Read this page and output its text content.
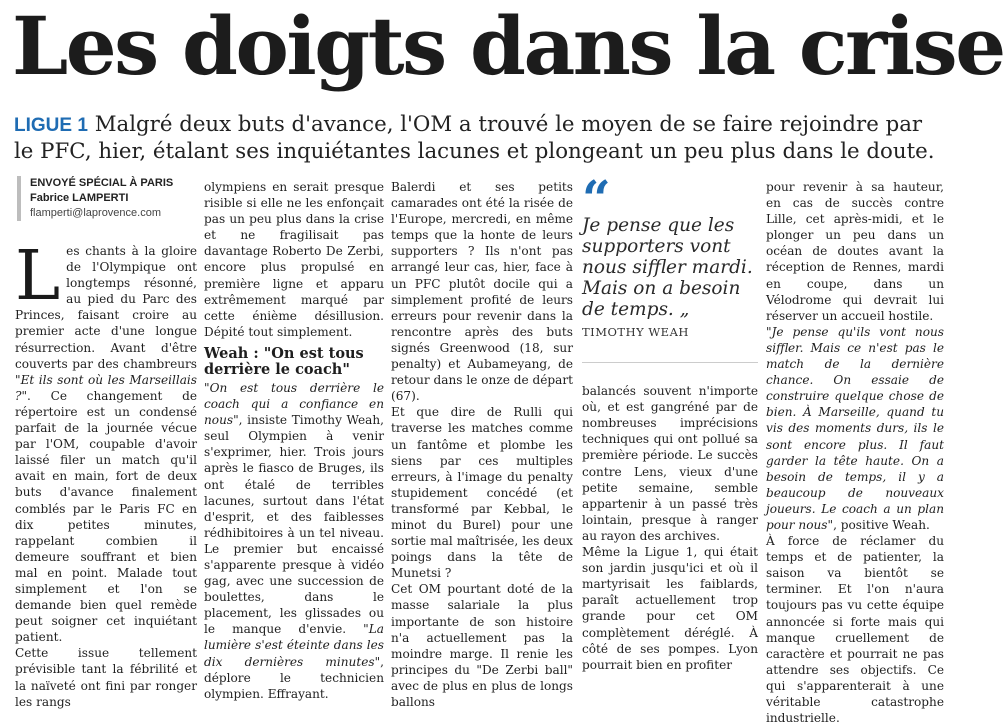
Les doigts dans la crise
LIGUE 1 Malgré deux buts d'avance, l'OM a trouvé le moyen de se faire rejoindre par le PFC, hier, étalant ses inquiétantes lacunes et plongeant un peu plus dans le doute.
ENVOYÉ SPÉCIAL À PARIS
Fabrice LAMPERTI
flamperti@laprovence.com

Les chants à la gloire de l'Olympique ont longtemps résonné, au pied du Parc des Princes, faisant croire au premier acte d'une longue résurrection. Avant d'être couverts par des chambreurs "Et ils sont où les Marseillais ?". Ce changement de répertoire est un condensé parfait de la journée vécue par l'OM, coupable d'avoir laissé filer un match qu'il avait en main, fort de deux buts d'avance finalement comblés par le Paris FC en dix petites minutes, rappelant combien il demeure souffrant et bien mal en point. Malade tout simplement et l'on se demande bien quel remède peut soigner cet inquiétant patient.

Cette issue tellement prévisible tant la fébrilité et la naïveté ont fini par ronger les rangs

olympiens en serait presque risible si elle ne les enfonçait pas un peu plus dans la crise et ne fragilisait pas davantage Roberto De Zerbi, encore plus propulsé en première ligne et apparu extrêmement marqué par cette énième désillusion. Dépité tout simplement.

Weah : "On est tous derrière le coach"

"On est tous derrière le coach qui a confiance en nous", insiste Timothy Weah, seul Olympien à venir s'exprimer, hier. Trois jours après le fiasco de Bruges, ils ont étalé de terribles lacunes, surtout dans l'état d'esprit, et des faiblesses rédhibitoires à un tel niveau. Le premier but encaissé s'apparente presque à vidéo gag, avec une succession de boulettes, dans le placement, les glissades ou le manque d'envie. "La lumière s'est éteinte dans les dix dernières minutes", déplore le technicien olympien. Effrayant.

Balerdi et ses petits camarades ont été la risée de l'Europe, mercredi, en même temps que la honte de leurs supporters ? Ils n'ont pas arrangé leur cas, hier, face à un PFC plutôt docile qui a simplement profité de leurs erreurs pour revenir dans la rencontre après des buts signés Greenwood (18, sur penalty) et Aubameyang, de retour dans le onze de départ (67).

Et que dire de Rulli qui traverse les matches comme un fantôme et plombe les siens par ces multiples erreurs, à l'image du penalty stupidement concédé (et transformé par Kebbal, le minot du Burel) pour une sortie mal maîtrisée, les deux poings dans la tête de Munetsi ?

Cet OM pourtant doté de la masse salariale la plus importante de son histoire n'a actuellement pas la moindre marge. Il renie les principes du "De Zerbi ball" avec de plus en plus de longs ballons

“
Je pense que les supporters vont nous siffler mardi. Mais on a besoin de temps. „
TIMOTHY WEAH

balancés souvent n'importe où, et est gangréné par de nombreuses imprécisions techniques qui ont pollué sa première période. Le succès contre Lens, vieux d'une petite semaine, semble appartenir à un passé très lointain, presque à ranger au rayon des archives.

Même la Ligue 1, qui était son jardin jusqu'ici et où il martyrisait les faiblards, paraît actuellement trop grande pour cet OM complètement déréglé. À côté de ses pompes. Lyon pourrait bien en profiter

pour revenir à sa hauteur, en cas de succès contre Lille, cet après-midi, et le plonger un peu dans un océan de doutes avant la réception de Rennes, mardi en coupe, dans un Vélodrome qui devrait lui réserver un accueil hostile.

"Je pense qu'ils vont nous siffler. Mais ce n'est pas le match de la dernière chance. On essaie de construire quelque chose de bien. À Marseille, quand tu vis des moments durs, ils le sont encore plus. Il faut garder la tête haute. On a besoin de temps, il y a beaucoup de nouveaux joueurs. Le coach a un plan pour nous", positive Weah.

À force de réclamer du temps et de patienter, la saison va bientôt se terminer. Et l'on n'aura toujours pas vu cette équipe annoncée si forte mais qui manque cruellement de caractère et pourrait ne pas attendre ses objectifs. Ce qui s'apparenterait à une véritable catastrophe industrielle.
